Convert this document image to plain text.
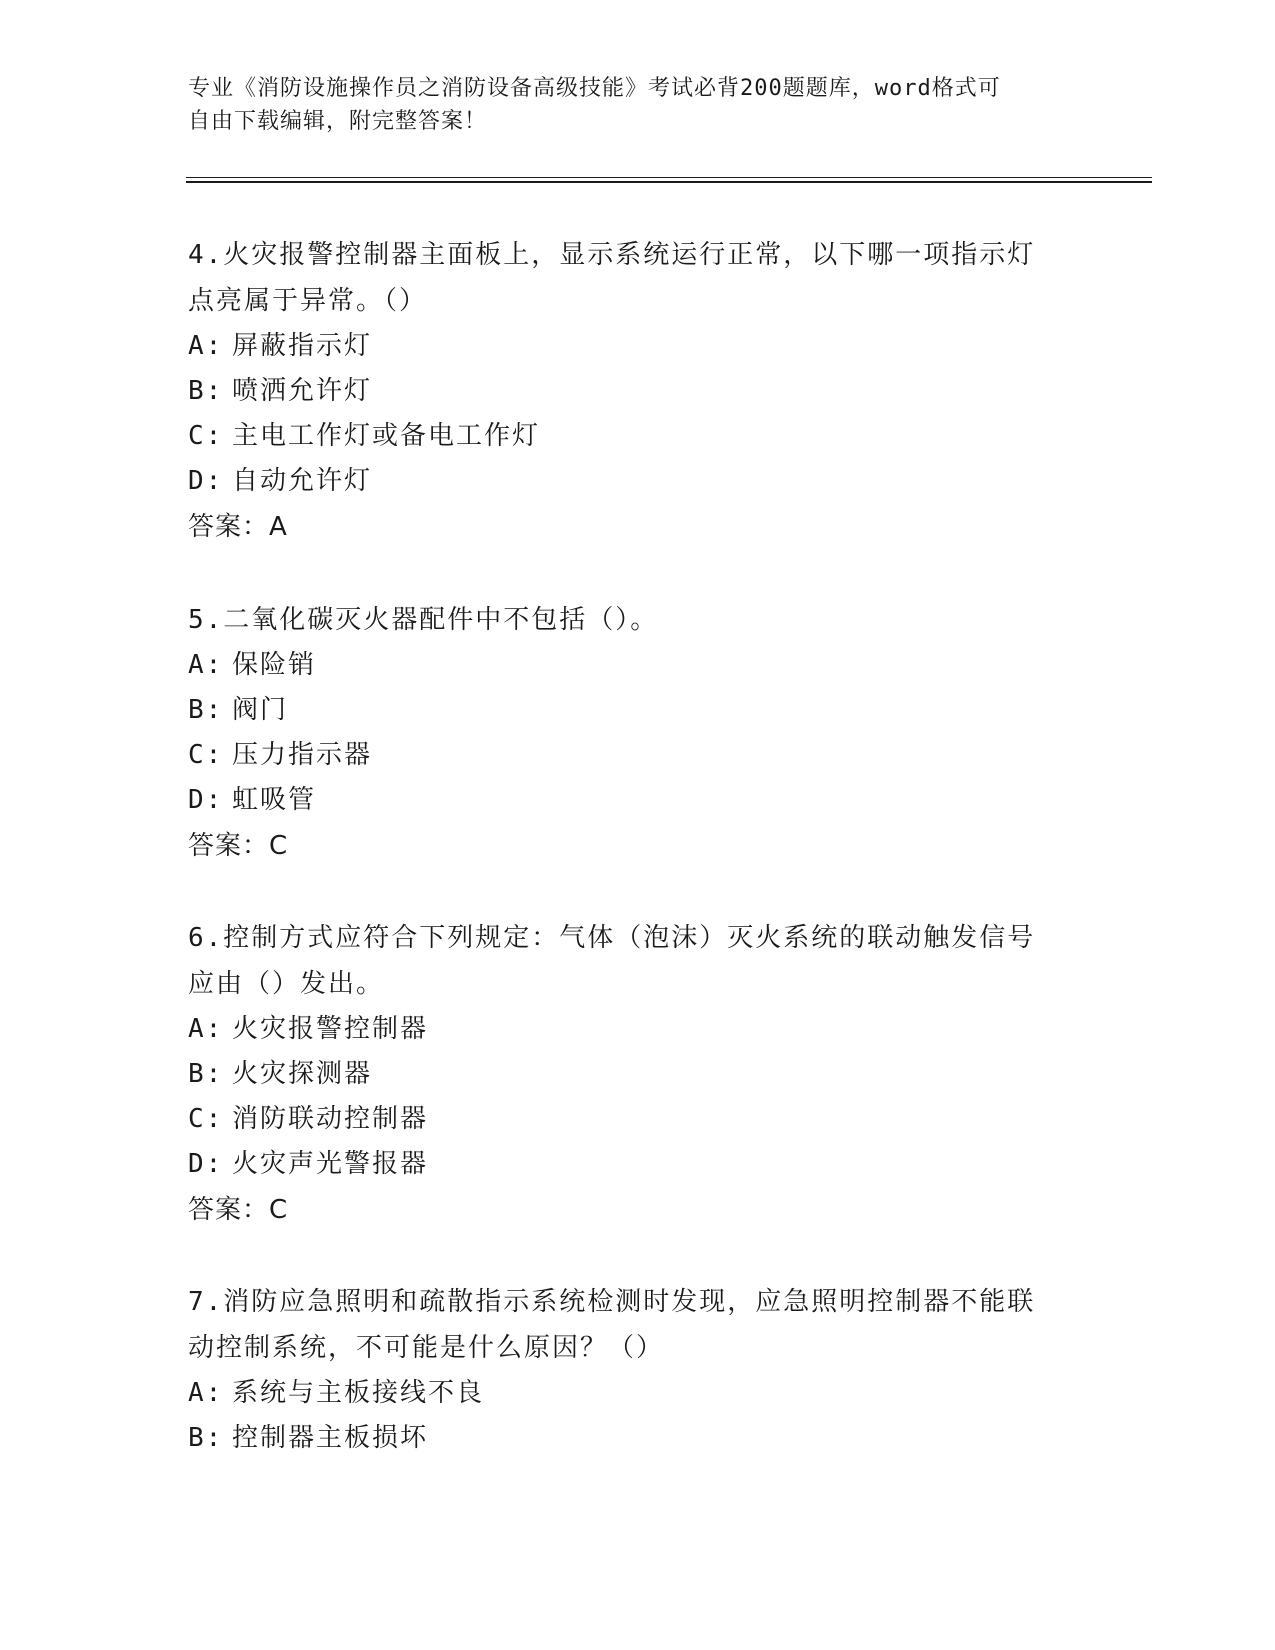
专业《消防设施操作员之消防设备高级技能》考试必背200题题库，word格式可
自由下载编辑，附完整答案！

4.火灾报警控制器主面板上，显示系统运行正常，以下哪一项指示灯

点亮属于异常。（）

A: 屏蔽指示灯

B: 喷洒允许灯

C: 主电工作灯或备电工作灯

D: 自动允许灯

答案：A

5.二氧化碳灭火器配件中不包括（）。

A: 保险销

B: 阀门

C: 压力指示器

D: 虹吸管

答案：C

6.控制方式应符合下列规定：气体（泡沫）灭火系统的联动触发信号

应由（）发出。

A: 火灾报警控制器

B: 火灾探测器

C: 消防联动控制器

D: 火灾声光警报器

答案：C

7.消防应急照明和疏散指示系统检测时发现，应急照明控制器不能联

动控制系统，不可能是什么原因？（）

A: 系统与主板接线不良

B: 控制器主板损坏
